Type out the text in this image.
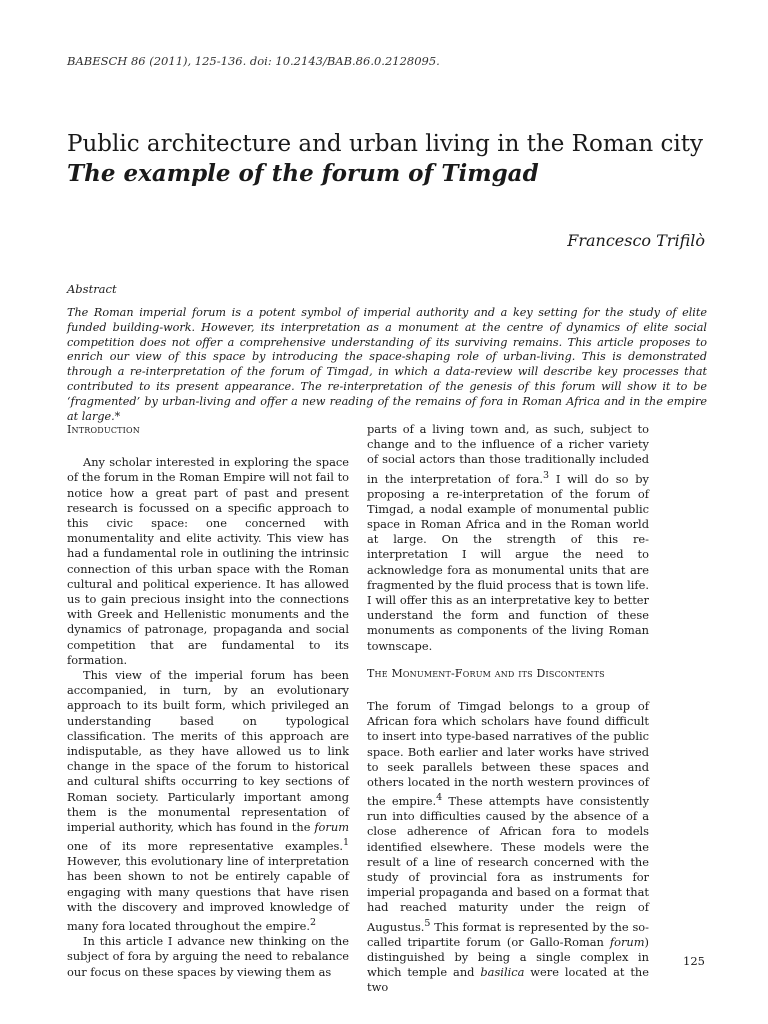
BABESCH 86 (2011), 125-136. doi: 10.2143/BAB.86.0.2128095.
Public architecture and urban living in the Roman city
The example of the forum of Timgad
Francesco Trifilò
Abstract

The Roman imperial forum is a potent symbol of imperial authority and a key setting for the study of elite funded building-work. However, its interpretation as a monument at the centre of dynamics of elite social competition does not offer a comprehensive understanding of its surviving remains. This article proposes to enrich our view of this space by introducing the space-shaping role of urban-living. This is demonstrated through a re-interpretation of the forum of Timgad, in which a data-review will describe key processes that contributed to its present appearance. The re-interpretation of the genesis of this forum will show it to be ‘fragmented’ by urban-living and offer a new reading of the remains of fora in Roman Africa and in the empire at large.*

Introduction

Any scholar interested in exploring the space of the forum in the Roman Empire will not fail to notice how a great part of past and present research is focussed on a specific approach to this civic space: one concerned with monumentality and elite activity. This view has had a fundamental role in outlining the intrinsic connection of this urban space with the Roman cultural and political experience. It has allowed us to gain precious insight into the connections with Greek and Hellenistic monuments and the dynamics of patronage, propaganda and social competition that are fundamental to its formation.

This view of the imperial forum has been accompanied, in turn, by an evolutionary approach to its built form, which privileged an understanding based on typological classification. The merits of this approach are indisputable, as they have allowed us to link change in the space of the forum to historical and cultural shifts occurring to key sections of Roman society. Particularly important among them is the monumental representation of imperial authority, which has found in the forum one of its more representative examples.$^1$ However, this evolutionary line of interpretation has been shown to not be entirely capable of engaging with many questions that have risen with the discovery and improved knowledge of many fora located throughout the empire.$^2$

In this article I advance new thinking on the subject of fora by arguing the need to rebalance our focus on these spaces by viewing them as

parts of a living town and, as such, subject to change and to the influence of a richer variety of social actors than those traditionally included in the interpretation of fora.$^3$ I will do so by proposing a re-interpretation of the forum of Timgad, a nodal example of monumental public space in Roman Africa and in the Roman world at large. On the strength of this re-interpretation I will argue the need to acknowledge fora as monumental units that are fragmented by the fluid process that is town life. I will offer this as an interpretative key to better understand the form and function of these monuments as components of the living Roman townscape.

The Monument-Forum and its Discontents

The forum of Timgad belongs to a group of African fora which scholars have found difficult to insert into type-based narratives of the public space. Both earlier and later works have strived to seek parallels between these spaces and others located in the north western provinces of the empire.$^4$ These attempts have consistently run into difficulties caused by the absence of a close adherence of African fora to models identified elsewhere. These models were the result of a line of research concerned with the study of provincial fora as instruments for imperial propaganda and based on a format that had reached maturity under the reign of Augustus.$^5$ This format is represented by the so-called tripartite forum (or Gallo-Roman forum) distinguished by being a single complex in which temple and basilica were located at the two

125
